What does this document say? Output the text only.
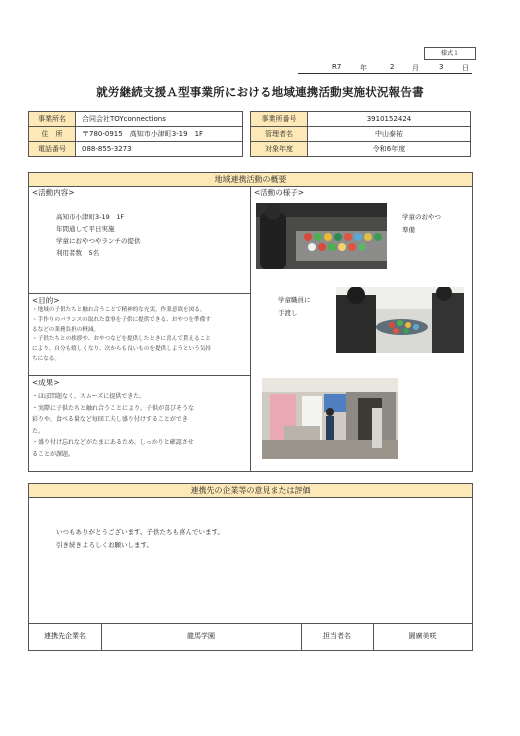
様式１
R7	年	2	月	3	日
就労継続支援Ａ型事業所における地域連携活動実施状況報告書
事業所名	合同会社TOYconnections
住　所	〒780-0915　高知市小津町3-19　1F
電話番号	088-855-3273
事業所番号	3910152424
管理者名	中山泰祐
対象年度	令和6年度
地域連携活動の概要
<活動内容>
高知市小津町3-19　1F
年間通して平日実施
学童におやつやランチの提供
利用者数　5名
<目的>
・地域の子供たちと触れ合うことで精神的な充実、作業意欲を図る。
・手作りのバランスの取れた食事を子供に提供できる、おやつを準備す
るなどの業務負担の軽減。
・子供たちとの挨拶や、おやつなどを提供したときに喜んで貰えること
により、自分も嬉しくなり、次からも良いものを提供しようという気持
ちになる。
<成果>
・ほぼ問題なく、スムーズに提供できた。
・実際に子供たちと触れ合うことにより、子供が喜びそうな
彩りや、食べる量など毎回工夫し盛り付けすることができ
た。
・盛り付け忘れなどがたまにあるため、しっかりと確認させ
ることが課題。
<活動の様子>
学童のおやつ
準備
学童職員に
手渡し
連携先の企業等の意見または評価
いつもありがとうございます。子供たちも喜んでいます。
引き続きよろしくお願いします。
連携先企業名	龍馬学園	担当者名	園廣美咲
